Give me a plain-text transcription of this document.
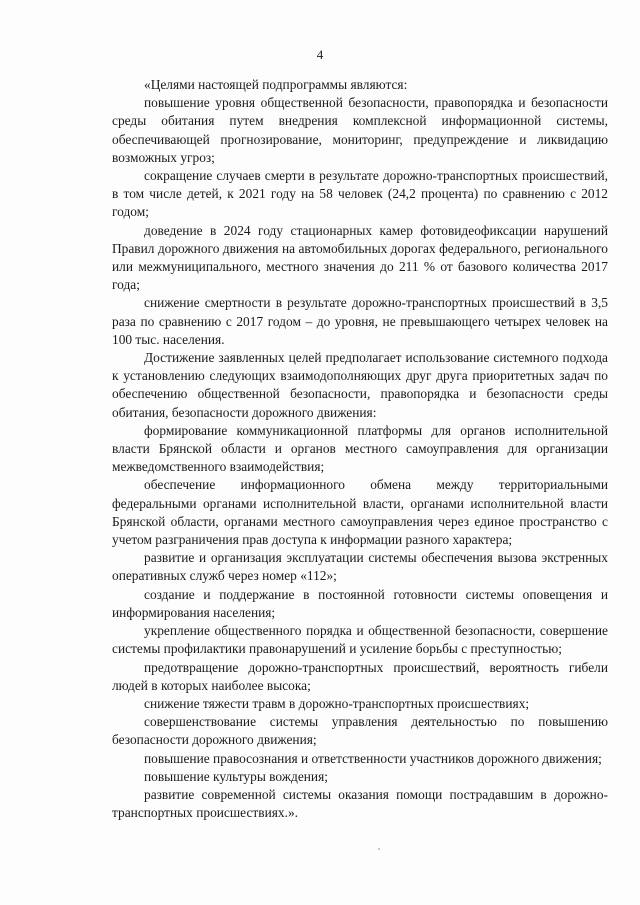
4

«Целями настоящей подпрограммы являются:

повышение уровня общественной безопасности, правопорядка и безопасности среды обитания путем внедрения комплексной информационной системы, обеспечивающей прогнозирование, мониторинг, предупреждение и ликвидацию возможных угроз;

сокращение случаев смерти в результате дорожно-транспортных происшествий, в том числе детей, к 2021 году на 58 человек (24,2 процента) по сравнению с 2012 годом;

доведение в 2024 году стационарных камер фотовидеофиксации нарушений Правил дорожного движения на автомобильных дорогах федерального, регионального или межмуниципального, местного значения до 211 % от базового количества 2017 года;

снижение смертности в результате дорожно-транспортных происшествий в 3,5 раза по сравнению с 2017 годом – до уровня, не превышающего четырех человек на 100 тыс. населения.

Достижение заявленных целей предполагает использование системного подхода к установлению следующих взаимодополняющих друг друга приоритетных задач по обеспечению общественной безопасности, правопорядка и безопасности среды обитания, безопасности дорожного движения:

формирование коммуникационной платформы для органов исполнительной власти Брянской области и органов местного самоуправления для организации межведомственного взаимодействия;

обеспечение информационного обмена между территориальными федеральными органами исполнительной власти, органами исполнительной власти Брянской области, органами местного самоуправления через единое пространство с учетом разграничения прав доступа к информации разного характера;

развитие и организация эксплуатации системы обеспечения вызова экстренных оперативных служб через номер «112»;

создание и поддержание в постоянной готовности системы оповещения и информирования населения;

укрепление общественного порядка и общественной безопасности, совершение системы профилактики правонарушений и усиление борьбы с преступностью;

предотвращение дорожно-транспортных происшествий, вероятность гибели людей в которых наиболее высока;

снижение тяжести травм в дорожно-транспортных происшествиях;

совершенствование системы управления деятельностью по повышению безопасности дорожного движения;

повышение правосознания и ответственности участников дорожного движения;

повышение культуры вождения;

развитие современной системы оказания помощи пострадавшим в дорожно-транспортных происшествиях.».
